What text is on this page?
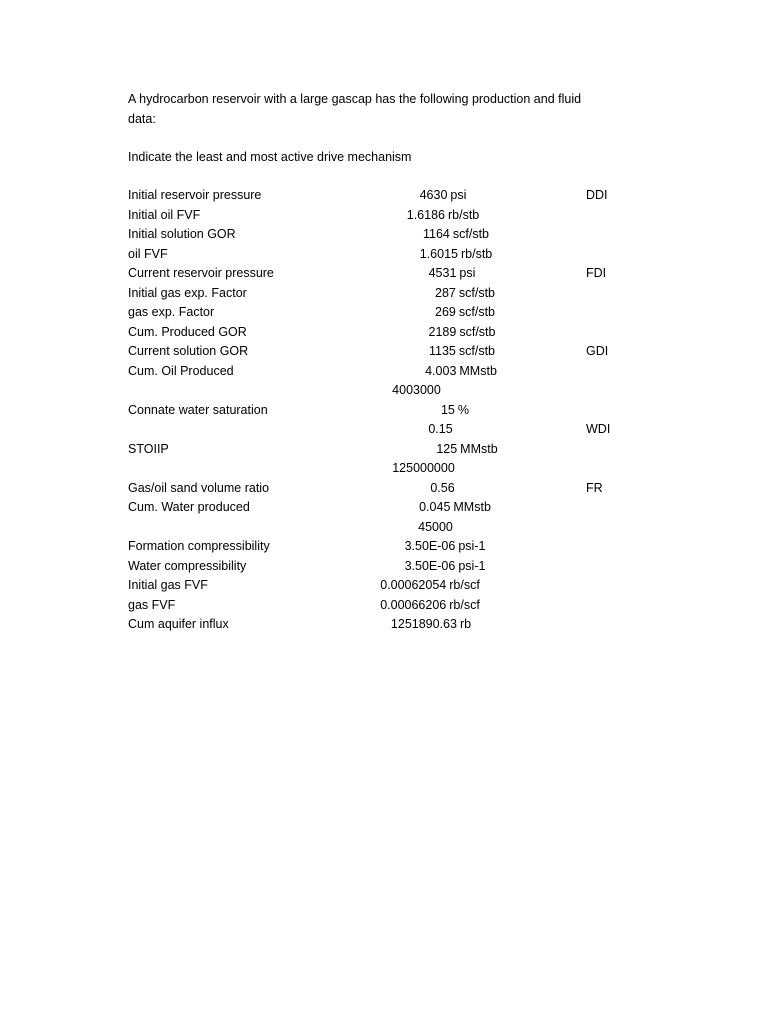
A hydrocarbon reservoir with a large gascap has the following production and fluid data:
Indicate the least and most active drive mechanism
Initial reservoir pressure	4630 psi	DDI
Initial oil FVF	1.6186 rb/stb
Initial solution GOR	1164 scf/stb
oil FVF	1.6015 rb/stb
Current reservoir pressure	4531 psi	FDI
Initial gas exp. Factor	287 scf/stb
gas exp. Factor	269 scf/stb
Cum. Produced GOR	2189 scf/stb
Current solution GOR	1135 scf/stb	GDI
Cum. Oil Produced	4.003 MMstb
4003000
Connate water saturation	15 %
0.15	WDI
STOIIP	125 MMstb
125000000
Gas/oil sand volume ratio	0.56	FR
Cum. Water produced	0.045 MMstb
45000
Formation compressibility	3.50E-06 psi-1
Water compressibility	3.50E-06 psi-1
Initial gas FVF	0.00062054 rb/scf
gas FVF	0.00066206 rb/scf
Cum aquifer influx	1251890.63 rb
